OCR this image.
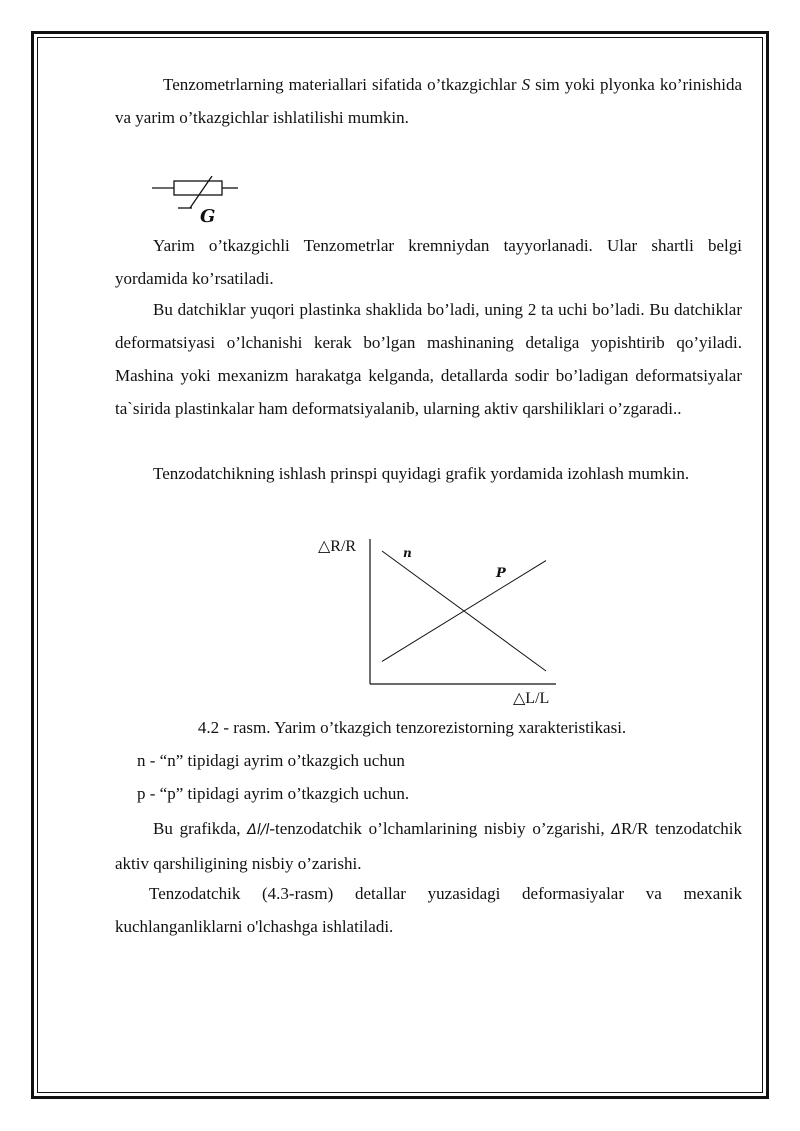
Tenzometrlarning materiallari sifatida o’tkazgichlar S sim yoki plyonka ko’rinishida va yarim o’tkazgichlar ishlatilishi mumkin.

G

Yarim o’tkazgichli Tenzometrlar kremniydan tayyorlanadi. Ular shartli belgi yordamida ko’rsatiladi.

Bu datchiklar yuqori plastinka shaklida bo’ladi, uning 2 ta uchi bo’ladi. Bu datchiklar deformatsiyasi o’lchanishi kerak bo’lgan mashinaning detaliga yopishtirib qo’yiladi. Mashina yoki mexanizm harakatga kelganda, detallarda sodir bo’ladigan deformatsiyalar ta`sirida plastinkalar ham deformatsiyalanib, ularning aktiv qarshiliklari o’zgaradi..

Tenzodatchikning ishlash prinspi quyidagi grafik yordamida izohlash mumkin.

△R/R
△L/L
n
P

4.2 - rasm. Yarim o’tkazgich tenzorezistorning xarakteristikasi.

n - “n” tipidagi ayrim o’tkazgich uchun

p - “p” tipidagi ayrim o’tkazgich uchun.

Bu grafikda, Δl/l-tenzodatchik o’lchamlarining nisbiy o’zgarishi, ΔR/R tenzodatchik aktiv qarshiligining nisbiy o’zarishi.

Tenzodatchik (4.3-rasm) detallar yuzasidagi deformasiyalar va mexanik kuchlanganliklarni o'lchashga ishlatiladi.
